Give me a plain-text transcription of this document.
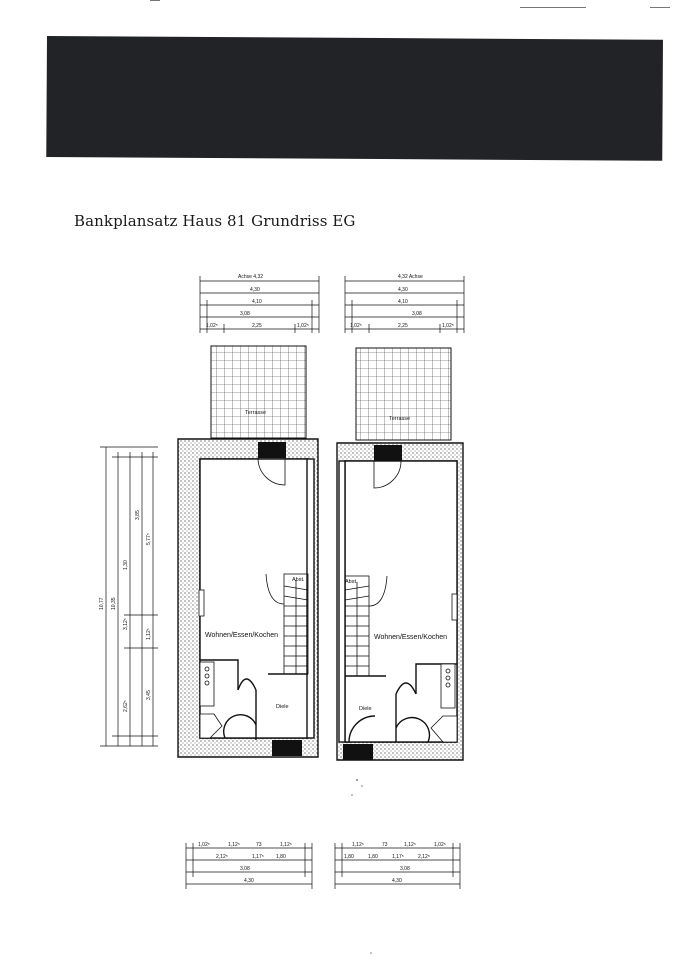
Bankplansatz Haus 81 Grundriss EG
Achse 4,32
4,30
4,10
3,08
1,02⁵	2,25	1,02⁵
Terrasse
10,77 10,35
3,85
5,77⁵
1,30
3,12⁵
1,12⁵
2,62⁵
3,45
Abst.
Wohnen/Essen/Kochen
Diele
1,02⁵	1,12⁵	73	1,12⁵
2,12⁵	1,17⁵ 1,80
3,08
4,30
4,32 Achse
4,30
4,10
3,08
1,02⁵	2,25	1,02⁵
Terrasse
Abst.
Wohnen/Essen/Kochen
Diele
1,12⁵	73	1,12⁵	1,02⁵
1,80	1,80	1,17⁵	2,12⁵
3,08
4,30
